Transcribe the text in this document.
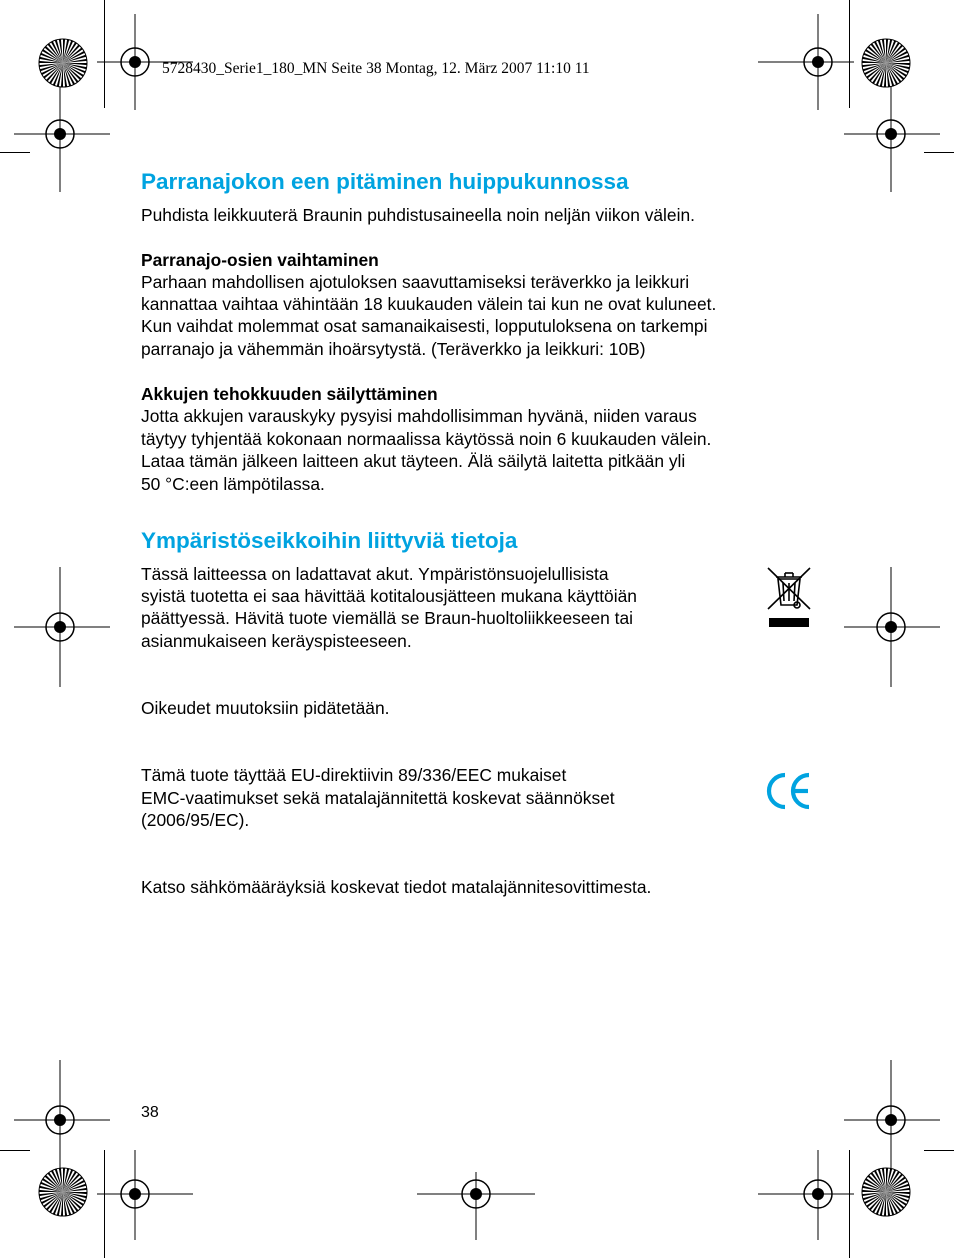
5728430_Serie1_180_MN Seite 38 Montag, 12. März 2007 11:10 11
Parranajokon een pitäminen huippukunnossa

Puhdista leikkuuterä Braunin puhdistusaineella noin neljän viikon välein.

Parranajo-osien vaihtaminen

Parhaan mahdollisen ajotuloksen saavuttamiseksi teräverkko ja leikkuri

kannattaa vaihtaa vähintään 18 kuukauden välein tai kun ne ovat kuluneet.

Kun vaihdat molemmat osat samanaikaisesti, lopputuloksena on tarkempi

parranajo ja vähemmän ihoärsytystä. (Teräverkko ja leikkuri: 10B)

Akkujen tehokkuuden säilyttäminen

Jotta akkujen varauskyky pysyisi mahdollisimman hyvänä, niiden varaus

täytyy tyhjentää kokonaan normaalissa käytössä noin 6 kuukauden välein.

Lataa tämän jälkeen laitteen akut täyteen. Älä säilytä laitetta pitkään yli

50 °C:een lämpötilassa.

Ympäristöseikkoihin liittyviä tietoja

Tässä laitteessa on ladattavat akut. Ympäristönsuojelullisista

syistä tuotetta ei saa hävittää kotitalousjätteen mukana käyttöiän

päättyessä. Hävitä tuote viemällä se Braun-huoltoliikkeeseen tai

asianmukaiseen keräyspisteeseen.

Oikeudet muutoksiin pidätetään.

Tämä tuote täyttää EU-direktiivin 89/336/EEC mukaiset

EMC-vaatimukset sekä matalajännitettä koskevat säännökset

(2006/95/EC).

Katso sähkömääräyksiä koskevat tiedot matalajännitesovittimesta.

38
